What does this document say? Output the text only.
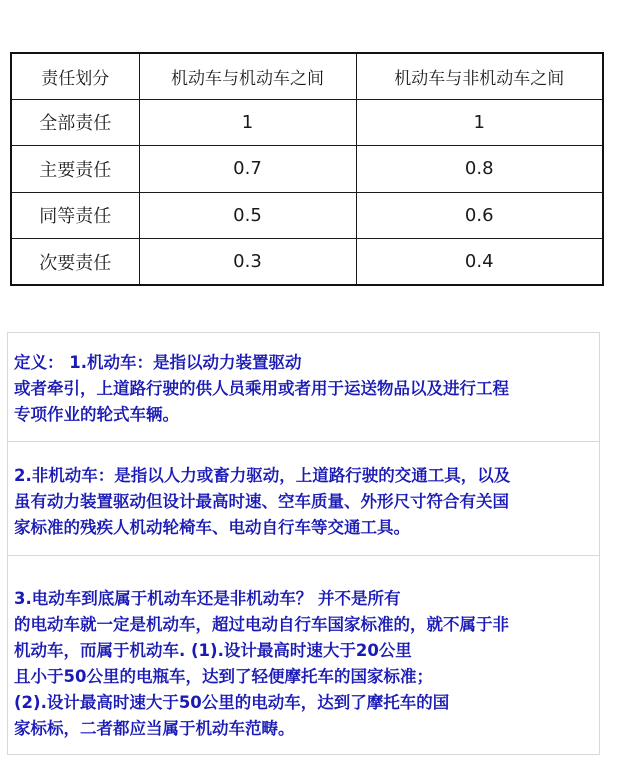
责任划分	机动车与机动车之间	机动车与非机动车之间
全部责任	1	1
主要责任	0.7	0.8
同等责任	0.5	0.6
次要责任	0.3	0.4

定义： 1.机动车：是指以动力装置驱动

或者牵引，上道路行驶的供人员乘用或者用于运送物品以及进行工程

专项作业的轮式车辆。

2.非机动车：是指以人力或畜力驱动，上道路行驶的交通工具，以及

虽有动力装置驱动但设计最高时速、空车质量、外形尺寸符合有关国

家标准的残疾人机动轮椅车、电动自行车等交通工具。

3.电动车到底属于机动车还是非机动车？ 并不是所有

的电动车就一定是机动车，超过电动自行车国家标准的，就不属于非

机动车，而属于机动车. (1).设计最高时速大于20公里

且小于50公里的电瓶车，达到了轻便摩托车的国家标准；

(2).设计最高时速大于50公里的电动车，达到了摩托车的国

家标标，二者都应当属于机动车范畴。
